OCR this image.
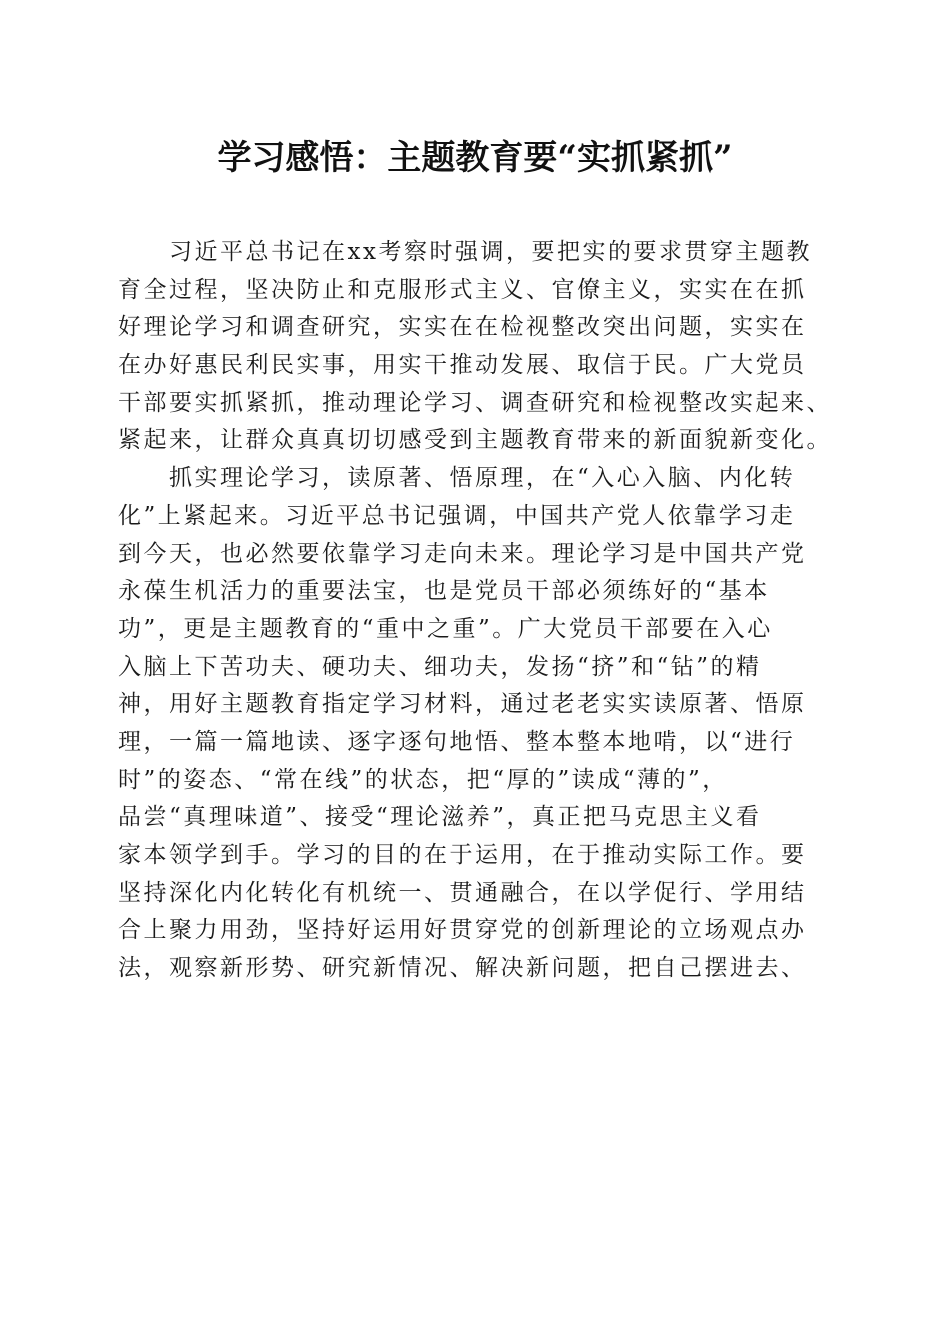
学习感悟：主题教育要“实抓紧抓”
　　习近平总书记在xx考察时强调，要把实的要求贯穿主题教
育全过程，坚决防止和克服形式主义、官僚主义，实实在在抓
好理论学习和调查研究，实实在在检视整改突出问题，实实在
在办好惠民利民实事，用实干推动发展、取信于民。广大党员
干部要实抓紧抓，推动理论学习、调查研究和检视整改实起来、
紧起来，让群众真真切切感受到主题教育带来的新面貌新变化。
　　抓实理论学习，读原著、悟原理，在“入心入脑、内化转
化”上紧起来。习近平总书记强调，中国共产党人依靠学习走
到今天，也必然要依靠学习走向未来。理论学习是中国共产党
永葆生机活力的重要法宝，也是党员干部必须练好的“基本
功”，更是主题教育的“重中之重”。广大党员干部要在入心
入脑上下苦功夫、硬功夫、细功夫，发扬“挤”和“钻”的精
神，用好主题教育指定学习材料，通过老老实实读原著、悟原
理，一篇一篇地读、逐字逐句地悟、整本整本地啃，以“进行
时”的姿态、“常在线”的状态，把“厚的”读成“薄的”，
品尝“真理味道”、接受“理论滋养”，真正把马克思主义看
家本领学到手。学习的目的在于运用，在于推动实际工作。要
坚持深化内化转化有机统一、贯通融合，在以学促行、学用结
合上聚力用劲，坚持好运用好贯穿党的创新理论的立场观点办
法，观察新形势、研究新情况、解决新问题，把自己摆进去、
